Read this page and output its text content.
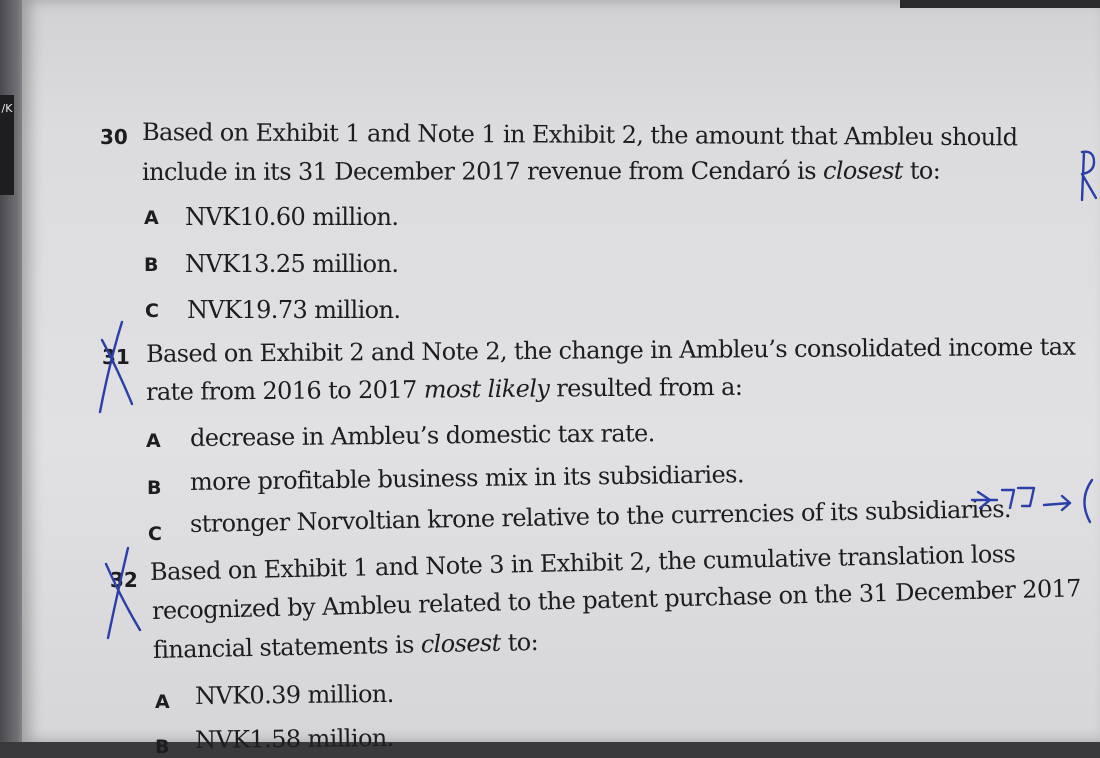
/K
30 Based on Exhibit 1 and Note 1 in Exhibit 2, the amount that Ambleu should
include in its 31 December 2017 revenue from Cendaró is closest to:
A NVK10.60 million.
B NVK13.25 million.
C NVK19.73 million.
31 Based on Exhibit 2 and Note 2, the change in Ambleu’s consolidated income tax
rate from 2016 to 2017 most likely resulted from a:
A decrease in Ambleu’s domestic tax rate.
B more profitable business mix in its subsidiaries.
C stronger Norvoltian krone relative to the currencies of its subsidiaries.
32 Based on Exhibit 1 and Note 3 in Exhibit 2, the cumulative translation loss
recognized by Ambleu related to the patent purchase on the 31 December 2017
financial statements is closest to:
A NVK0.39 million.
B NVK1.58 million.
